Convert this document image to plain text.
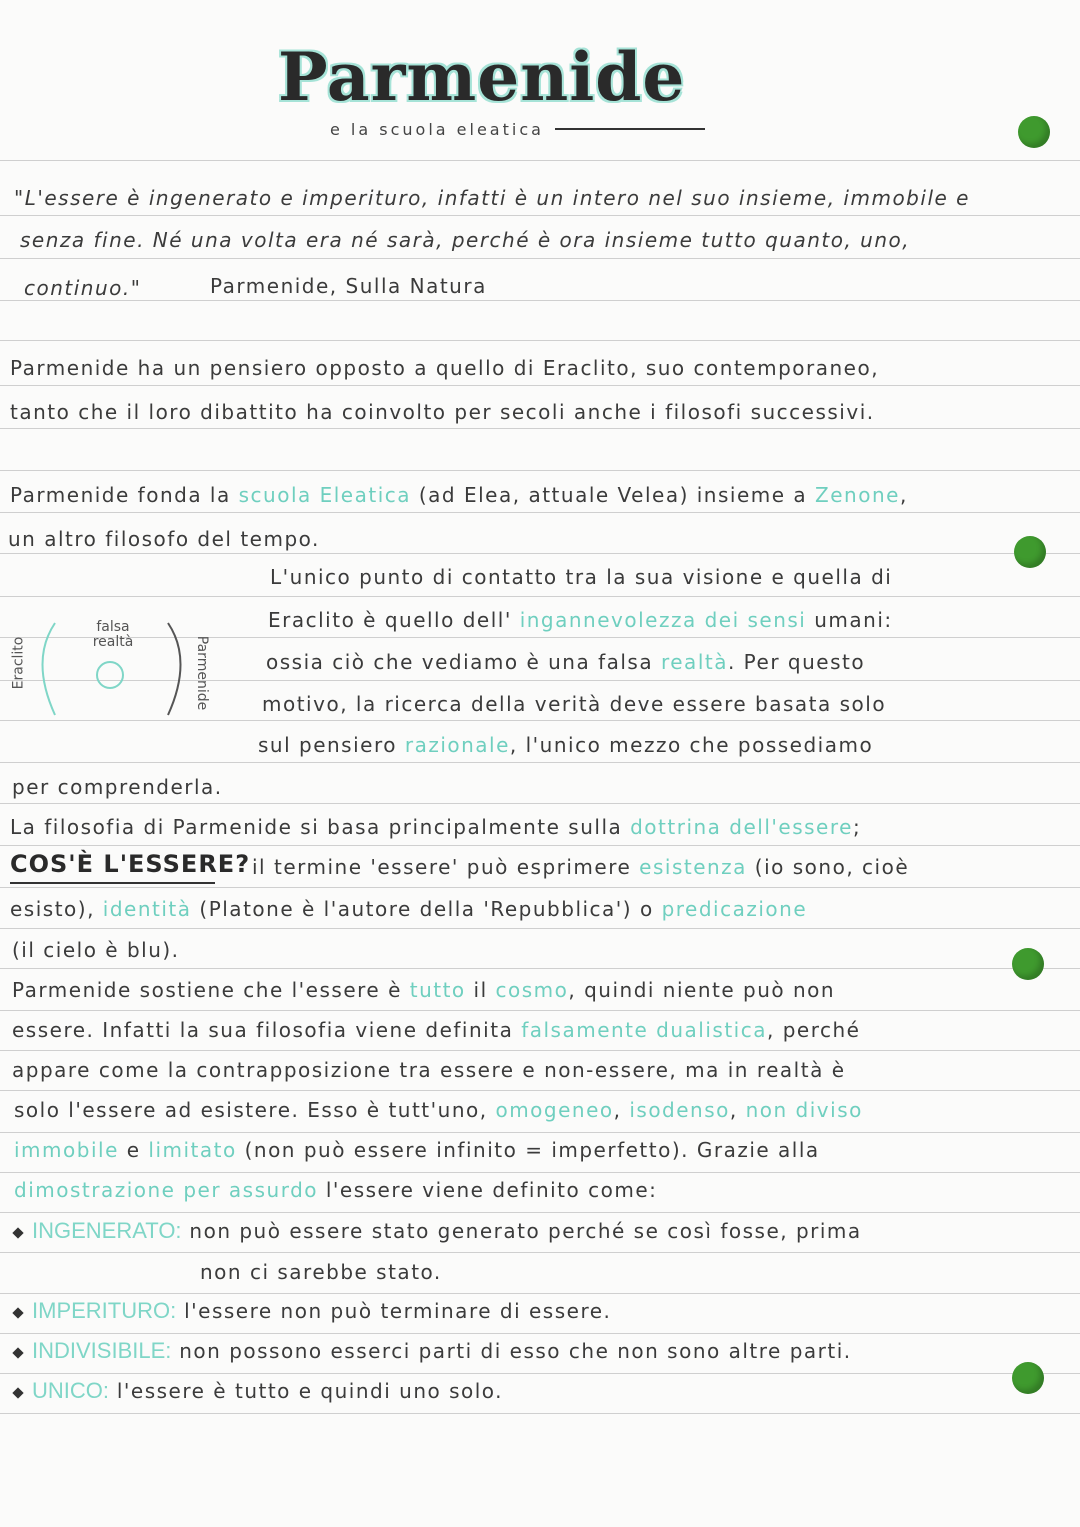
Parmenide
e la scuola eleatica
"L'essere è ingenerato e imperituro, infatti è un intero nel suo insieme, immobile e
senza fine. Né una volta era né sarà, perché è ora insieme tutto quanto, uno,
continuo."	Parmenide, Sulla Natura
Parmenide ha un pensiero opposto a quello di Eraclito, suo contemporaneo,
tanto che il loro dibattito ha coinvolto per secoli anche i filosofi successivi.
Parmenide fonda la scuola Eleatica (ad Elea, attuale Velea) insieme a Zenone,
un altro filosofo del tempo.
Eraclito
falsa realtà	Parmenide
L'unico punto di contatto tra la sua visione e quella di
Eraclito è quello dell' ingannevolezza dei sensi umani:
ossia ciò che vediamo è una falsa realtà. Per questo
motivo, la ricerca della verità deve essere basata solo
sul pensiero razionale, l'unico mezzo che possediamo
per comprenderla.
La filosofia di Parmenide si basa principalmente sulla dottrina dell'essere;
COS'È L'ESSERE? il termine 'essere' può esprimere esistenza (io sono, cioè
esisto), identità (Platone è l'autore della 'Repubblica') o predicazione
(il cielo è blu).
Parmenide sostiene che l'essere è tutto il cosmo, quindi niente può non
essere. Infatti la sua filosofia viene definita falsamente dualistica, perché
appare come la contrapposizione tra essere e non-essere, ma in realtà è
solo l'essere ad esistere. Esso è tutt'uno, omogeneo, isodenso, non diviso
immobile e limitato (non può essere infinito = imperfetto). Grazie alla
dimostrazione per assurdo l'essere viene definito come:
INGENERATO: non può essere stato generato perché se così fosse, prima
non ci sarebbe stato.
IMPERITURO: l'essere non può terminare di essere.
INDIVISIBILE: non possono esserci parti di esso che non sono altre parti.
UNICO: l'essere è tutto e quindi uno solo.
